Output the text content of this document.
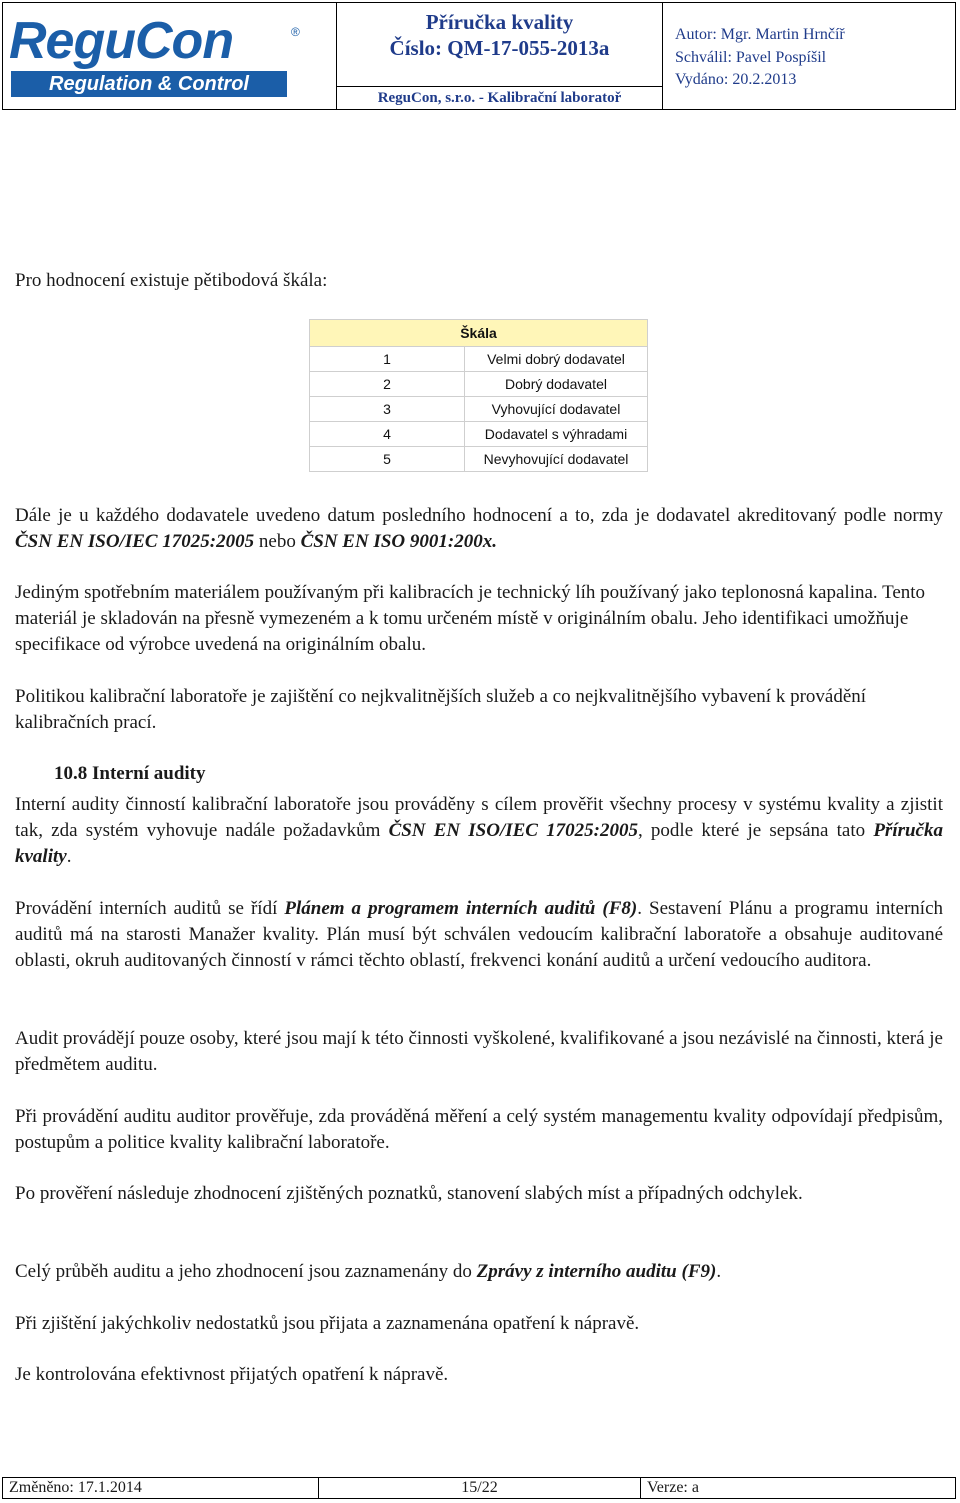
ReguCon	®
Regulation & Control
Příručka kvality
Číslo: QM-17-055-2013a
ReguCon, s.r.o. - Kalibrační laboratoř
Autor: Mgr. Martin Hrnčíř
Schválil: Pavel Pospíšil
Vydáno: 20.2.2013
Pro hodnocení existuje pětibodová škála:
Škála	
1	Velmi dobrý dodavatel
2	Dobrý dodavatel
3	Vyhovující dodavatel
4	Dodavatel s výhradami
5	Nevyhovující dodavatel
Dále je u každého dodavatele uvedeno datum posledního hodnocení a to, zda je dodavatel akreditovaný podle normy ČSN EN ISO/IEC 17025:2005 nebo ČSN EN ISO 9001:200x.
Jediným spotřebním materiálem používaným při kalibracích je technický líh používaný jako teplonosná kapalina. Tento materiál je skladován na přesně vymezeném a k tomu určeném místě v originálním obalu. Jeho identifikaci umožňuje specifikace od výrobce uvedená na originálním obalu.
Politikou kalibrační laboratoře je zajištění co nejkvalitnějších služeb a co nejkvalitnějšího vybavení k provádění kalibračních prací.
10.8 Interní audity
Interní audity činností kalibrační laboratoře jsou prováděny s cílem prověřit všechny procesy v systému kvality a zjistit tak, zda systém vyhovuje nadále požadavkům ČSN EN ISO/IEC 17025:2005, podle které je sepsána tato Příručka kvality.
Provádění interních auditů se řídí Plánem a programem interních auditů (F8). Sestavení Plánu a programu interních auditů má na starosti Manažer kvality. Plán musí být schválen vedoucím kalibrační laboratoře a obsahuje auditované oblasti, okruh auditovaných činností v rámci těchto oblastí, frekvenci konání auditů a určení vedoucího auditora.
Audit provádějí pouze osoby, které jsou mají k této činnosti vyškolené, kvalifikované a jsou nezávislé na činnosti, která je předmětem auditu.
Při provádění auditu auditor prověřuje, zda prováděná měření a celý systém managementu kvality odpovídají předpisům, postupům a politice kvality kalibrační laboratoře.
Po prověření následuje zhodnocení zjištěných poznatků, stanovení slabých míst a případných odchylek.
Celý průběh auditu a jeho zhodnocení jsou zaznamenány do Zprávy z interního auditu (F9).
Při zjištění jakýchkoliv nedostatků jsou přijata a zaznamenána opatření k nápravě.
Je kontrolována efektivnost přijatých opatření k nápravě.
Změněno: 17.1.2014	15/22	Verze: a
